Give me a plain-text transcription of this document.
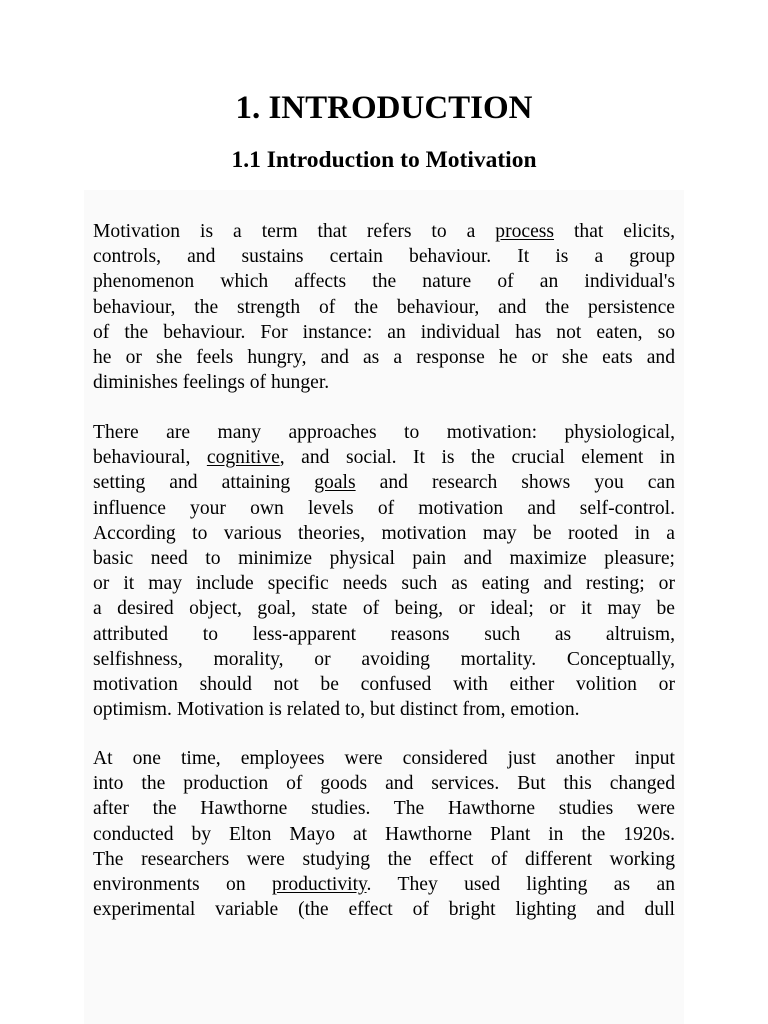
1. INTRODUCTION
1.1 Introduction to Motivation
Motivation is a term that refers to a process that elicits,
controls, and sustains certain behaviour. It is a group
phenomenon which affects the nature of an individual's
behaviour, the strength of the behaviour, and the persistence
of the behaviour. For instance: an individual has not eaten, so
he or she feels hungry, and as a response he or she eats and
diminishes feelings of hunger.
There are many approaches to motivation: physiological,
behavioural, cognitive, and social. It is the crucial element in
setting and attaining goals and research shows you can
influence your own levels of motivation and self-control.
According to various theories, motivation may be rooted in a
basic need to minimize physical pain and maximize pleasure;
or it may include specific needs such as eating and resting; or
a desired object, goal, state of being, or ideal; or it may be
attributed to less-apparent reasons such as altruism,
selfishness, morality, or avoiding mortality. Conceptually,
motivation should not be confused with either volition or
optimism. Motivation is related to, but distinct from, emotion.
At one time, employees were considered just another input
into the production of goods and services. But this changed
after the Hawthorne studies. The Hawthorne studies were
conducted by Elton Mayo at Hawthorne Plant in the 1920s.
The researchers were studying the effect of different working
environments on productivity. They used lighting as an
experimental variable (the effect of bright lighting and dull
